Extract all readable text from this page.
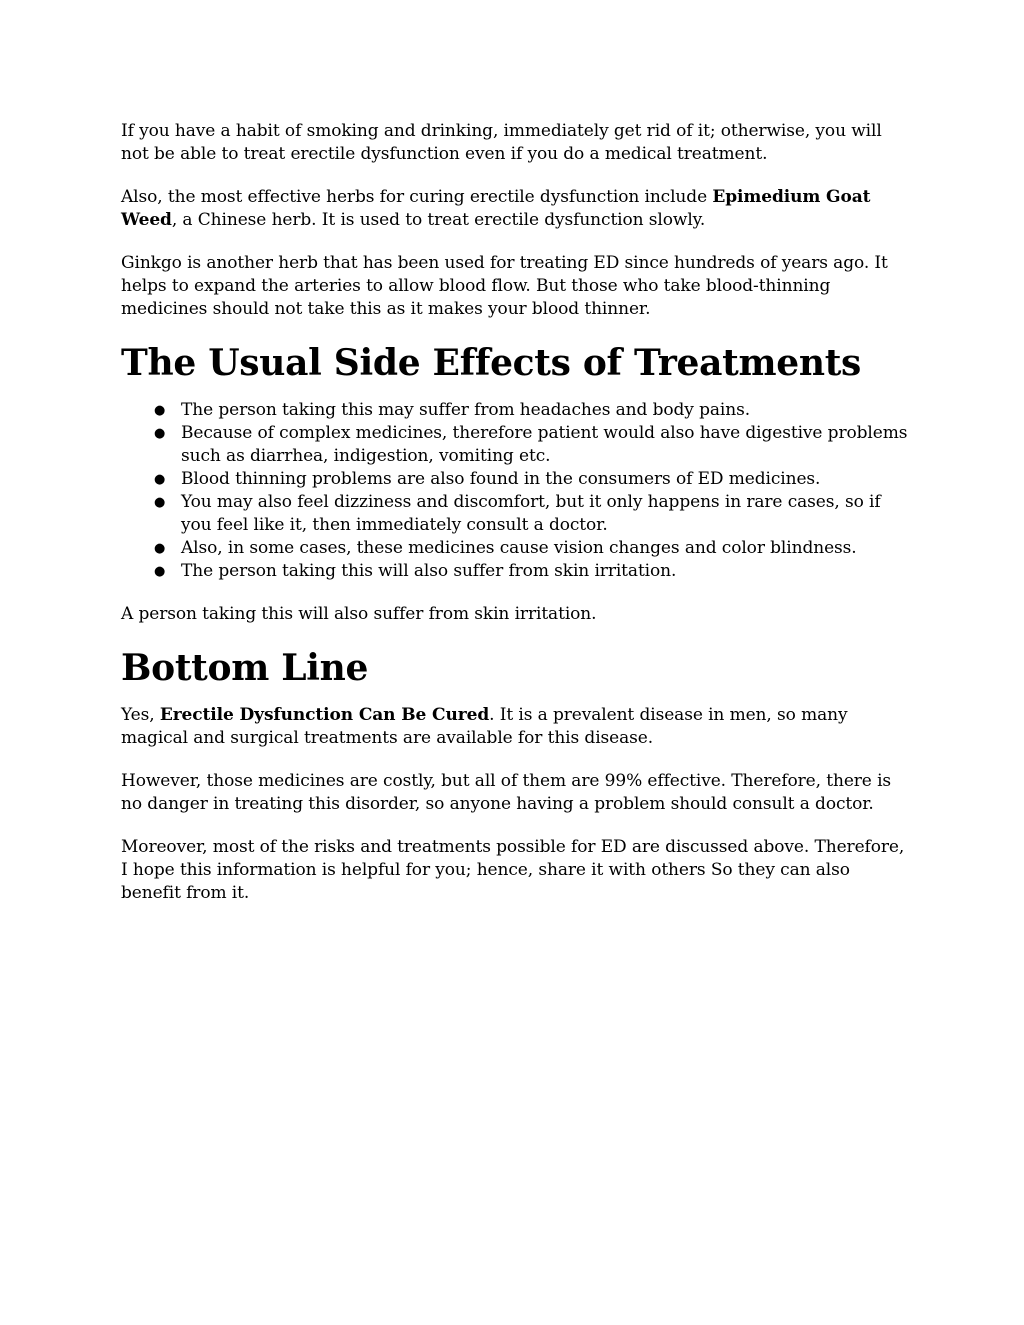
If you have a habit of smoking and drinking, immediately get rid of it; otherwise, you will not be able to treat erectile dysfunction even if you do a medical treatment.

Also, the most effective herbs for curing erectile dysfunction include Epimedium Goat Weed, a Chinese herb. It is used to treat erectile dysfunction slowly.

Ginkgo is another herb that has been used for treating ED since hundreds of years ago. It helps to expand the arteries to allow blood flow. But those who take blood-thinning medicines should not take this as it makes your blood thinner.

The Usual Side Effects of Treatments
● The person taking this may suffer from headaches and body pains.
● Because of complex medicines, therefore patient would also have digestive problems such as diarrhea, indigestion, vomiting etc.
● Blood thinning problems are also found in the consumers of ED medicines.
● You may also feel dizziness and discomfort, but it only happens in rare cases, so if you feel like it, then immediately consult a doctor.
● Also, in some cases, these medicines cause vision changes and color blindness.
● The person taking this will also suffer from skin irritation.

A person taking this will also suffer from skin irritation.

Bottom Line

Yes, Erectile Dysfunction Can Be Cured. It is a prevalent disease in men, so many magical and surgical treatments are available for this disease.

However, those medicines are costly, but all of them are 99% effective. Therefore, there is no danger in treating this disorder, so anyone having a problem should consult a doctor.

Moreover, most of the risks and treatments possible for ED are discussed above. Therefore, I hope this information is helpful for you; hence, share it with others So they can also benefit from it.
